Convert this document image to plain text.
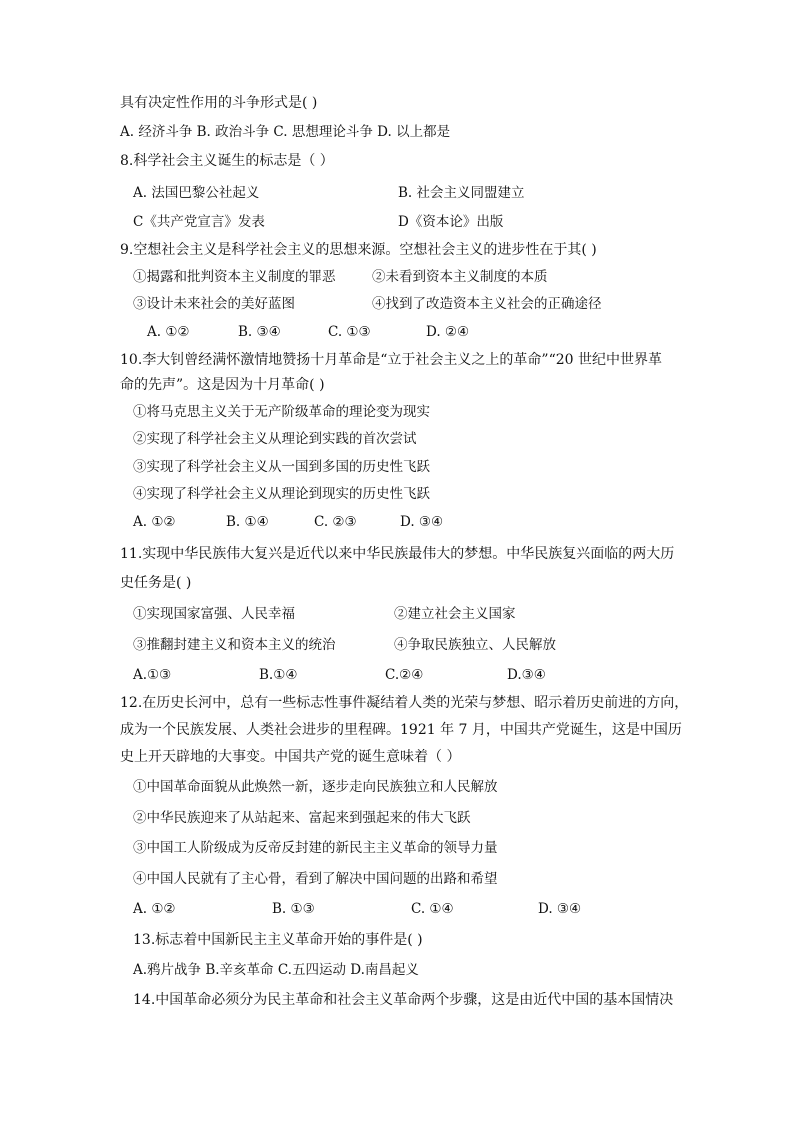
具有决定性作用的斗争形式是( )
A. 经济斗争 B. 政治斗争 C. 思想理论斗争 D. 以上都是
8.科学社会主义诞生的标志是（ ）
A. 法国巴黎公社起义	B. 社会主义同盟建立
C《共产党宣言》发表	D《资本论》出版
9.空想社会主义是科学社会主义的思想来源。空想社会主义的进步性在于其( )
①揭露和批判资本主义制度的罪恶	②未看到资本主义制度的本质
③设计未来社会的美好蓝图	④找到了改造资本主义社会的正确途径
A. ①②	B. ③④	C. ①③	D. ②④
10.李大钊曾经满怀激情地赞扬十月革命是“立于社会主义之上的革命”“20 世纪中世界革
命的先声”。这是因为十月革命( )
①将马克思主义关于无产阶级革命的理论变为现实
②实现了科学社会主义从理论到实践的首次尝试
③实现了科学社会主义从一国到多国的历史性飞跃
④实现了科学社会主义从理论到现实的历史性飞跃
A. ①②	B. ①④	C. ②③	D. ③④
11.实现中华民族伟大复兴是近代以来中华民族最伟大的梦想。中华民族复兴面临的两大历
史任务是( )
①实现国家富强、人民幸福	②建立社会主义国家
③推翻封建主义和资本主义的统治	④争取民族独立、人民解放
A.①③	B.①④	C.②④	D.③④
12.在历史长河中，总有一些标志性事件凝结着人类的光荣与梦想、昭示着历史前进的方向，
成为一个民族发展、人类社会进步的里程碑。1921 年 7 月，中国共产党诞生，这是中国历
史上开天辟地的大事变。中国共产党的诞生意味着（ ）
①中国革命面貌从此焕然一新，逐步走向民族独立和人民解放
②中华民族迎来了从站起来、富起来到强起来的伟大飞跃
③中国工人阶级成为反帝反封建的新民主主义革命的领导力量
④中国人民就有了主心骨，看到了解决中国问题的出路和希望
A. ①②	B. ①③	C. ①④	D. ③④
13.标志着中国新民主主义革命开始的事件是( )
A.鸦片战争 B.辛亥革命 C.五四运动 D.南昌起义
14.中国革命必须分为民主革命和社会主义革命两个步骤，这是由近代中国的基本国情决
